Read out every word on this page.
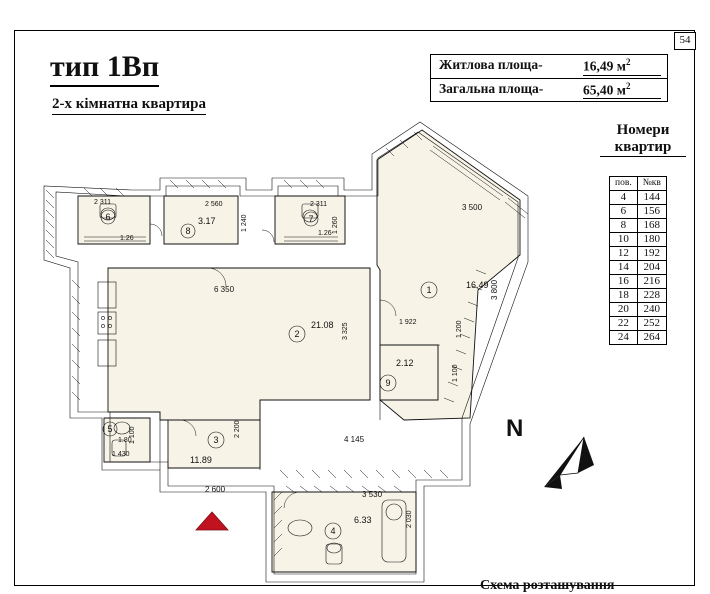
54
тип 1Вп
2-х кімнатна квартира
Житлова площа-	16,49 $м^2$
Загальна площа-	65,40 $м^2$
Номери
квартир
пов.	№кв
4	144
6	156
8	168
10	180
12	192
14	204
16	216
18	228
20	240
22	252
24	264
N
Схема розташування
2 311	2 560	2 311
1 240	1 260
6 350
3 500
3 800
3 325	1 922	1 200
1 100
2 200
4 145
2 600
3 530
2 030
1 430
1 100
1	16.49
2
21.08
3
11.89
4
6.33
5
1.80
6
1.26
7
1.26
8
3.17
9
2.12
